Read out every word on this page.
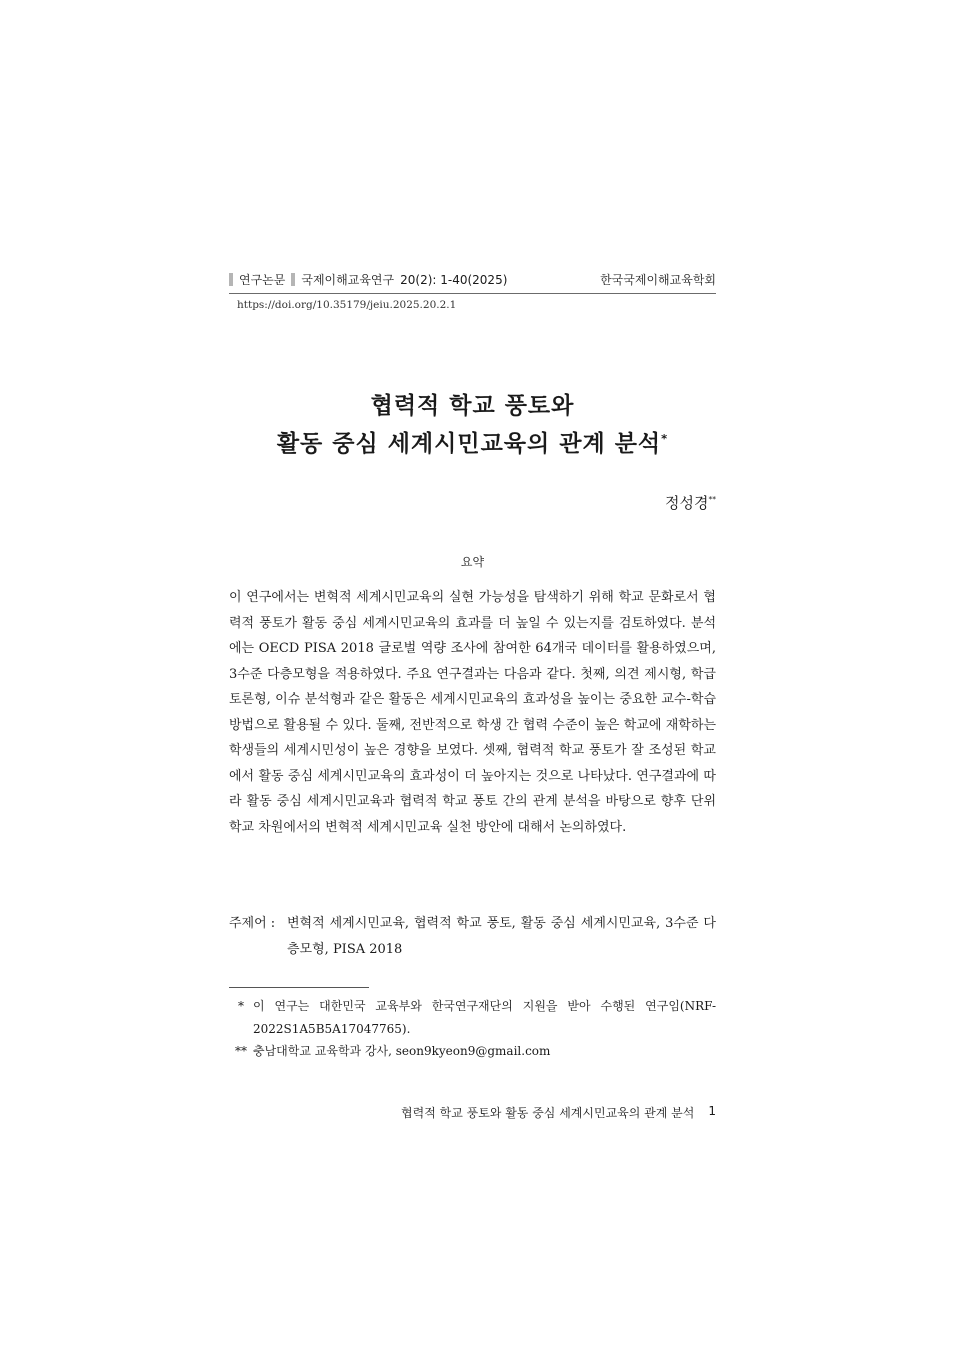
연구논문 국제이해교육연구 20(2): 1-40(2025)	한국국제이해교육학회
https://doi.org/10.35179/jeiu.2025.20.2.1
협력적 학교 풍토와
활동 중심 세계시민교육의 관계 분석*
정성경**
요약

이 연구에서는 변혁적 세계시민교육의 실현 가능성을 탐색하기 위해 학교 문화로서 협력적 풍토가 활동 중심 세계시민교육의 효과를 더 높일 수 있는지를 검토하였다. 분석에는 OECD PISA 2018 글로벌 역량 조사에 참여한 64개국 데이터를 활용하였으며, 3수준 다층모형을 적용하였다. 주요 연구결과는 다음과 같다. 첫째, 의견 제시형, 학급 토론형, 이슈 분석형과 같은 활동은 세계시민교육의 효과성을 높이는 중요한 교수-학습 방법으로 활용될 수 있다. 둘째, 전반적으로 학생 간 협력 수준이 높은 학교에 재학하는 학생들의 세계시민성이 높은 경향을 보였다. 셋째, 협력적 학교 풍토가 잘 조성된 학교에서 활동 중심 세계시민교육의 효과성이 더 높아지는 것으로 나타났다. 연구결과에 따라 활동 중심 세계시민교육과 협력적 학교 풍토 간의 관계 분석을 바탕으로 향후 단위 학교 차원에서의 변혁적 세계시민교육 실천 방안에 대해서 논의하였다.

주제어 : 변혁적 세계시민교육, 협력적 학교 풍토, 활동 중심 세계시민교육, 3수준 다층모형, PISA 2018
* 이 연구는 대한민국 교육부와 한국연구재단의 지원을 받아 수행된 연구임(NRF-2022S1A5B5A17047765).
** 충남대학교 교육학과 강사, seon9kyeon9@gmail.com
협력적 학교 풍토와 활동 중심 세계시민교육의 관계 분석 1
